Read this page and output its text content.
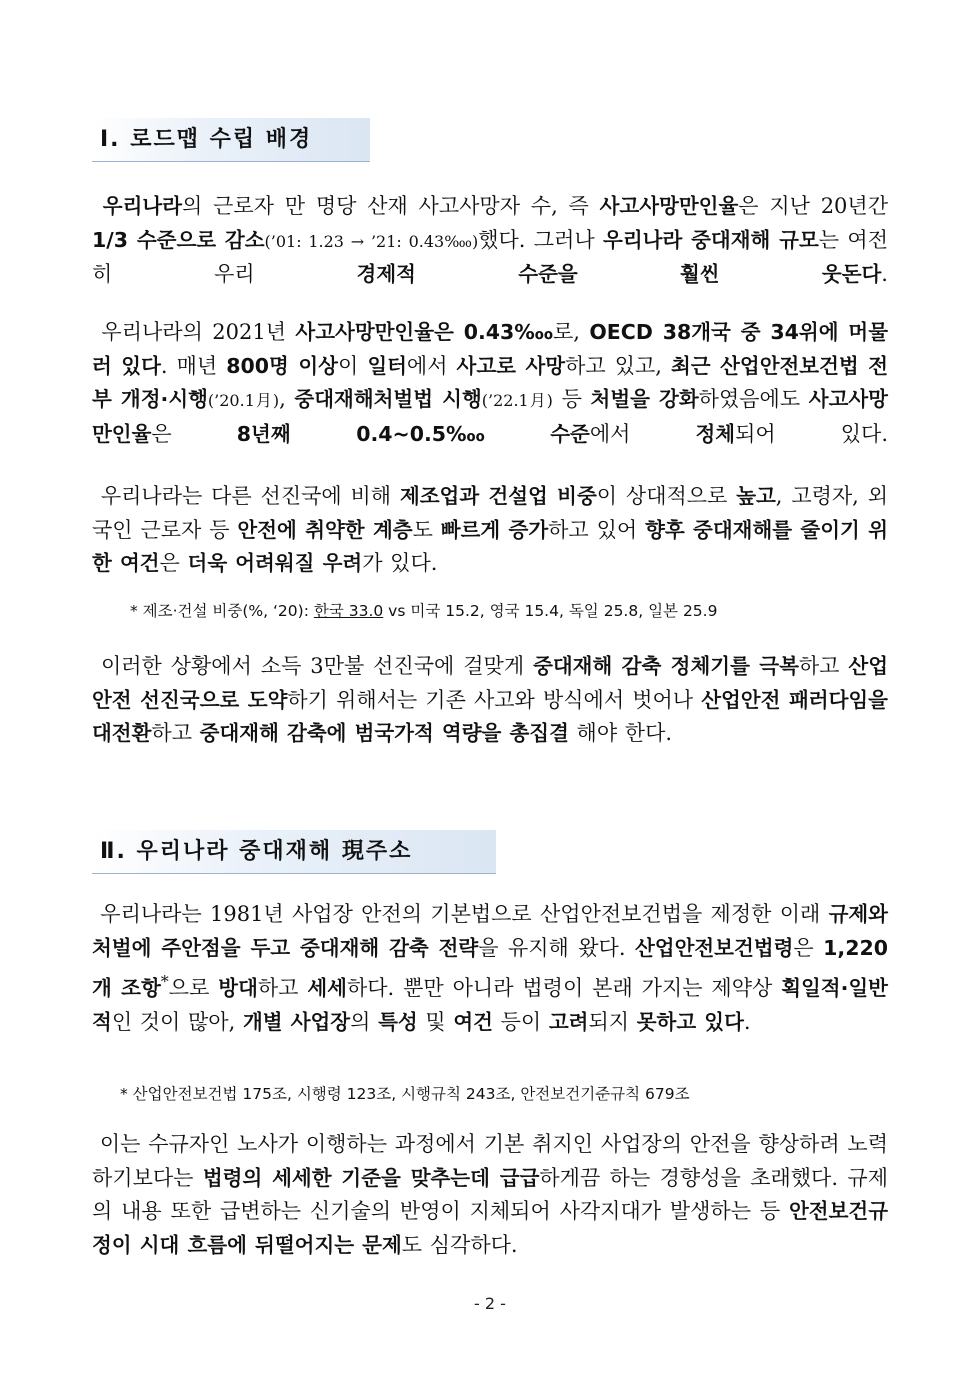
Ⅰ. 로드맵 수립 배경

우리나라의 근로자 만 명당 산재 사고사망자 수, 즉 사고사망만인율은 지난 20년간 1/3 수준으로 감소(’01: 1.23 → ’21: 0.43‱)했다. 그러나 우리나라 중대재해 규모는 여전히 우리 경제적 수준을 훨씬 웃돈다.

우리나라의 2021년 사고사망만인율은 0.43‱로, OECD 38개국 중 34위에 머물러 있다. 매년 800명 이상이 일터에서 사고로 사망하고 있고, 최근 산업안전보건법 전부 개정·시행(’20.1月), 중대재해처벌법 시행(’22.1月) 등 처벌을 강화하였음에도 사고사망만인율은 8년째 0.4~0.5‱ 수준에서 정체되어 있다.

우리나라는 다른 선진국에 비해 제조업과 건설업 비중이 상대적으로 높고, 고령자, 외국인 근로자 등 안전에 취약한 계층도 빠르게 증가하고 있어 향후 중대재해를 줄이기 위한 여건은 더욱 어려워질 우려가 있다.

* 제조·건설 비중(%, ‘20): 한국 33.0 vs 미국 15.2, 영국 15.4, 독일 25.8, 일본 25.9

이러한 상황에서 소득 3만불 선진국에 걸맞게 중대재해 감축 정체기를 극복하고 산업안전 선진국으로 도약하기 위해서는 기존 사고와 방식에서 벗어나 산업안전 패러다임을 대전환하고 중대재해 감축에 범국가적 역량을 총집결 해야 한다.

Ⅱ. 우리나라 중대재해 現주소

우리나라는 1981년 사업장 안전의 기본법으로 산업안전보건법을 제정한 이래 규제와 처벌에 주안점을 두고 중대재해 감축 전략을 유지해 왔다. 산업안전보건법령은 1,220개 조항*으로 방대하고 세세하다. 뿐만 아니라 법령이 본래 가지는 제약상 획일적·일반적인 것이 많아, 개별 사업장의 특성 및 여건 등이 고려되지 못하고 있다.

* 산업안전보건법 175조, 시행령 123조, 시행규칙 243조, 안전보건기준규칙 679조

이는 수규자인 노사가 이행하는 과정에서 기본 취지인 사업장의 안전을 향상하려 노력하기보다는 법령의 세세한 기준을 맞추는데 급급하게끔 하는 경향성을 초래했다. 규제의 내용 또한 급변하는 신기술의 반영이 지체되어 사각지대가 발생하는 등 안전보건규정이 시대 흐름에 뒤떨어지는 문제도 심각하다.

- 2 -
